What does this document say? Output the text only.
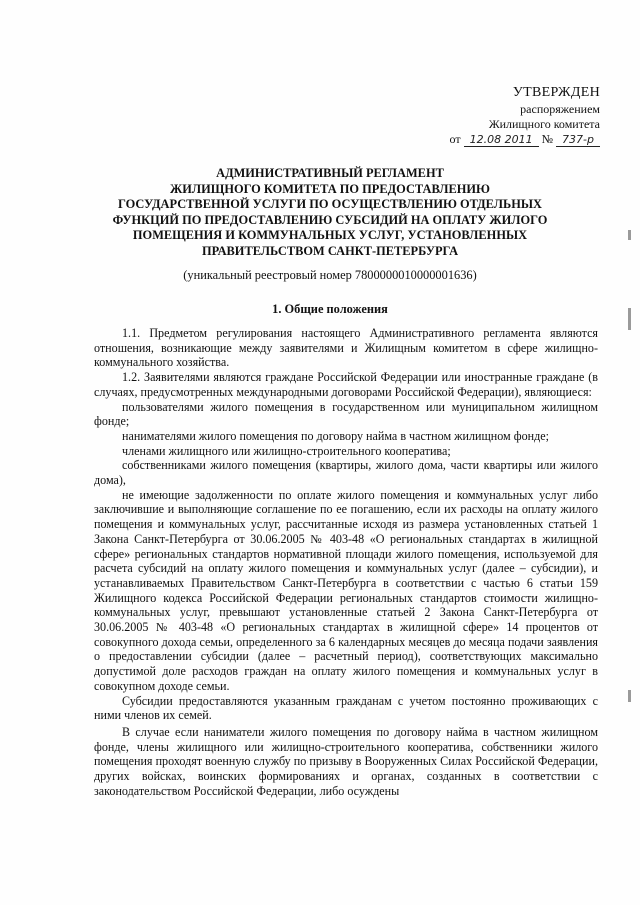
УТВЕРЖДЕН
распоряжением
Жилищного комитета
от 12.08 2011 № 737-р
АДМИНИСТРАТИВНЫЙ РЕГЛАМЕНТ
ЖИЛИЩНОГО КОМИТЕТА ПО ПРЕДОСТАВЛЕНИЮ
ГОСУДАРСТВЕННОЙ УСЛУГИ ПО ОСУЩЕСТВЛЕНИЮ ОТДЕЛЬНЫХ
ФУНКЦИЙ ПО ПРЕДОСТАВЛЕНИЮ СУБСИДИЙ НА ОПЛАТУ ЖИЛОГО
ПОМЕЩЕНИЯ И КОММУНАЛЬНЫХ УСЛУГ, УСТАНОВЛЕННЫХ
ПРАВИТЕЛЬСТВОМ САНКТ-ПЕТЕРБУРГА
(уникальный реестровый номер 7800000010000001636)
1. Общие положения

1.1. Предметом регулирования настоящего Административного регламента являются отношения, возникающие между заявителями и Жилищным комитетом в сфере жилищно-коммунального хозяйства.

1.2. Заявителями являются граждане Российской Федерации или иностранные граждане (в случаях, предусмотренных международными договорами Российской Федерации), являющиеся:

пользователями жилого помещения в государственном или муниципальном жилищном фонде;

нанимателями жилого помещения по договору найма в частном жилищном фонде;

членами жилищного или жилищно-строительного кооператива;

собственниками жилого помещения (квартиры, жилого дома, части квартиры или жилого дома),

не имеющие задолженности по оплате жилого помещения и коммунальных услуг либо заключившие и выполняющие соглашение по ее погашению, если их расходы на оплату жилого помещения и коммунальных услуг, рассчитанные исходя из размера установленных статьей 1 Закона Санкт-Петербурга от 30.06.2005 № 403-48 «О региональных стандартах в жилищной сфере» региональных стандартов нормативной площади жилого помещения, используемой для расчета субсидий на оплату жилого помещения и коммунальных услуг (далее – субсидии), и устанавливаемых Правительством Санкт-Петербурга в соответствии с частью 6 статьи 159 Жилищного кодекса Российской Федерации региональных стандартов стоимости жилищно-коммунальных услуг, превышают установленные статьей 2 Закона Санкт-Петербурга от 30.06.2005 № 403-48 «О региональных стандартах в жилищной сфере» 14 процентов от совокупного дохода семьи, определенного за 6 календарных месяцев до месяца подачи заявления о предоставлении субсидии (далее – расчетный период), соответствующих максимально допустимой доле расходов граждан на оплату жилого помещения и коммунальных услуг в совокупном доходе семьи.

Субсидии предоставляются указанным гражданам с учетом постоянно проживающих с ними членов их семей.

В случае если наниматели жилого помещения по договору найма в частном жилищном фонде, члены жилищного или жилищно-строительного кооператива, собственники жилого помещения проходят военную службу по призыву в Вооруженных Силах Российской Федерации, других войсках, воинских формированиях и органах, созданных в соответствии с законодательством Российской Федерации, либо осуждены
